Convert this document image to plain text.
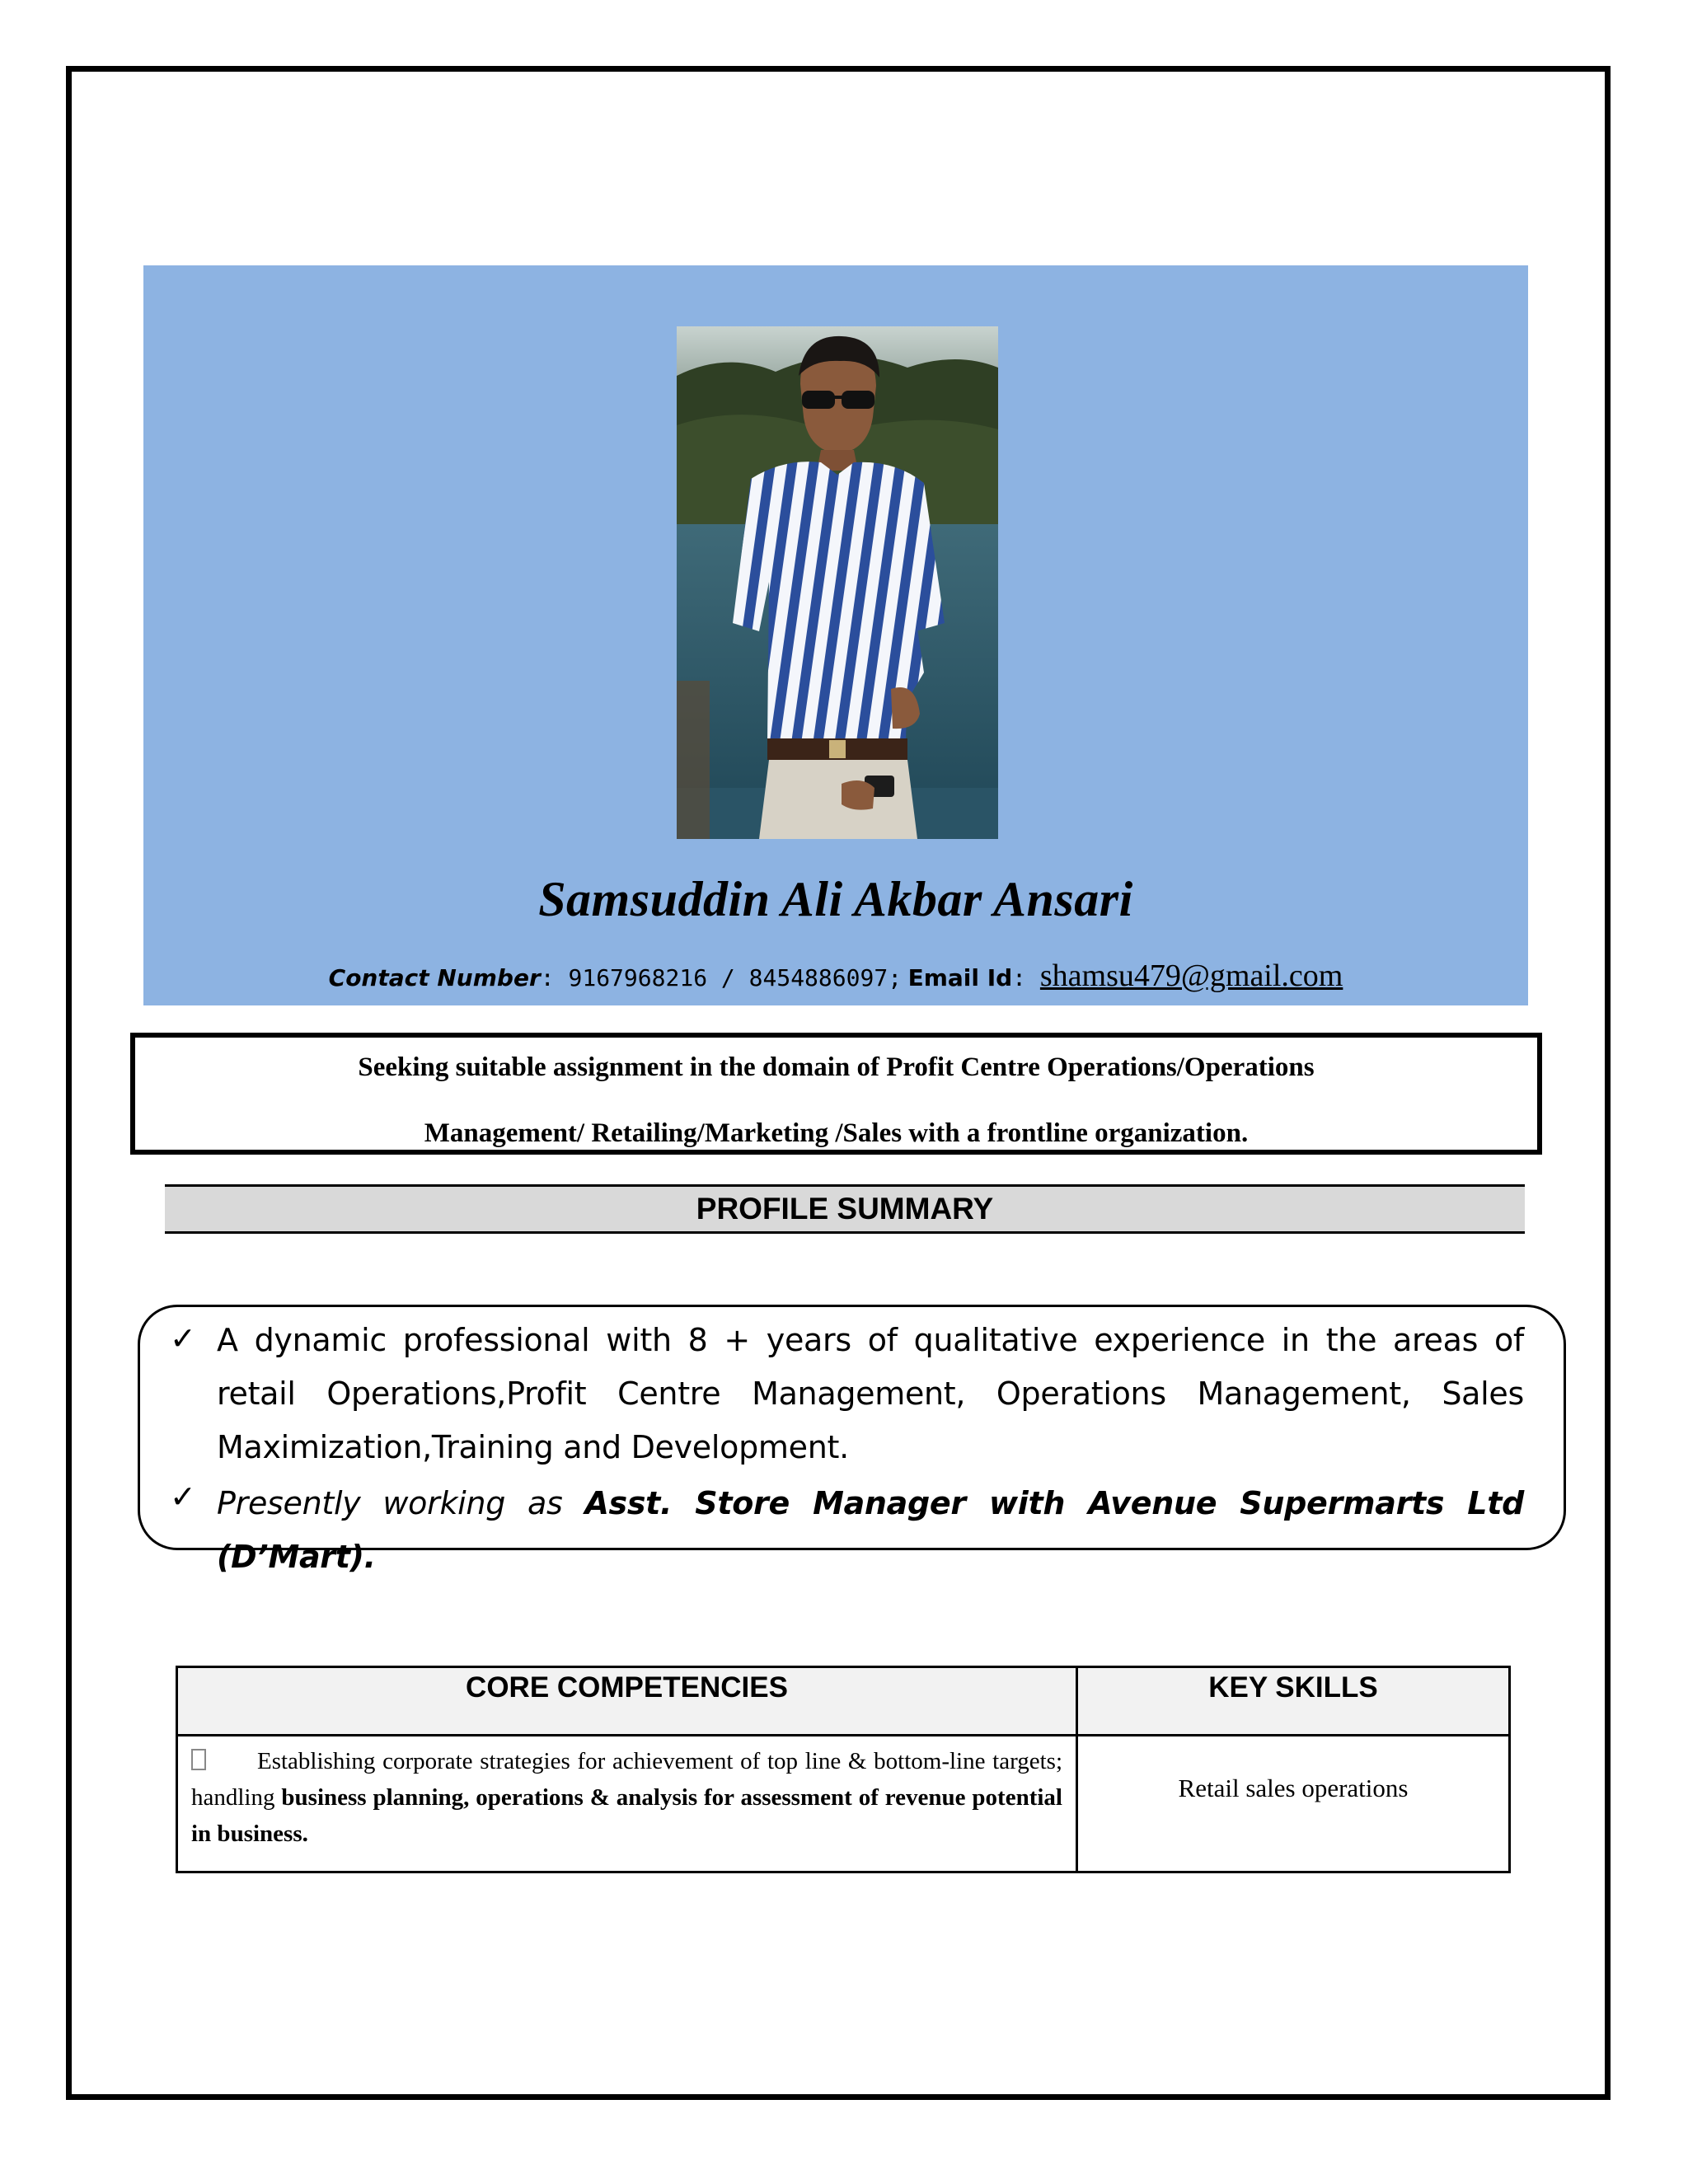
Samsuddin Ali Akbar Ansari
Contact Number: 9167968216 / 8454886097; Email Id: shamsu479@gmail.com
Seeking suitable assignment in the domain of Profit Centre Operations/Operations
Management/ Retailing/Marketing /Sales with a frontline organization.
PROFILE SUMMARY
✓ A dynamic professional with 8 + years of qualitative experience in the areas of retail Operations,Profit Centre Management, Operations Management, Sales Maximization,Training and Development.
✓ Presently working as Asst. Store Manager with Avenue Supermarts Ltd (D’Mart).
CORE COMPETENCIES	KEY SKILLS
Establishing corporate strategies for achievement of top line & bottom-line targets; handling business planning, operations & analysis for assessment of revenue potential in business.
Retail sales operations
